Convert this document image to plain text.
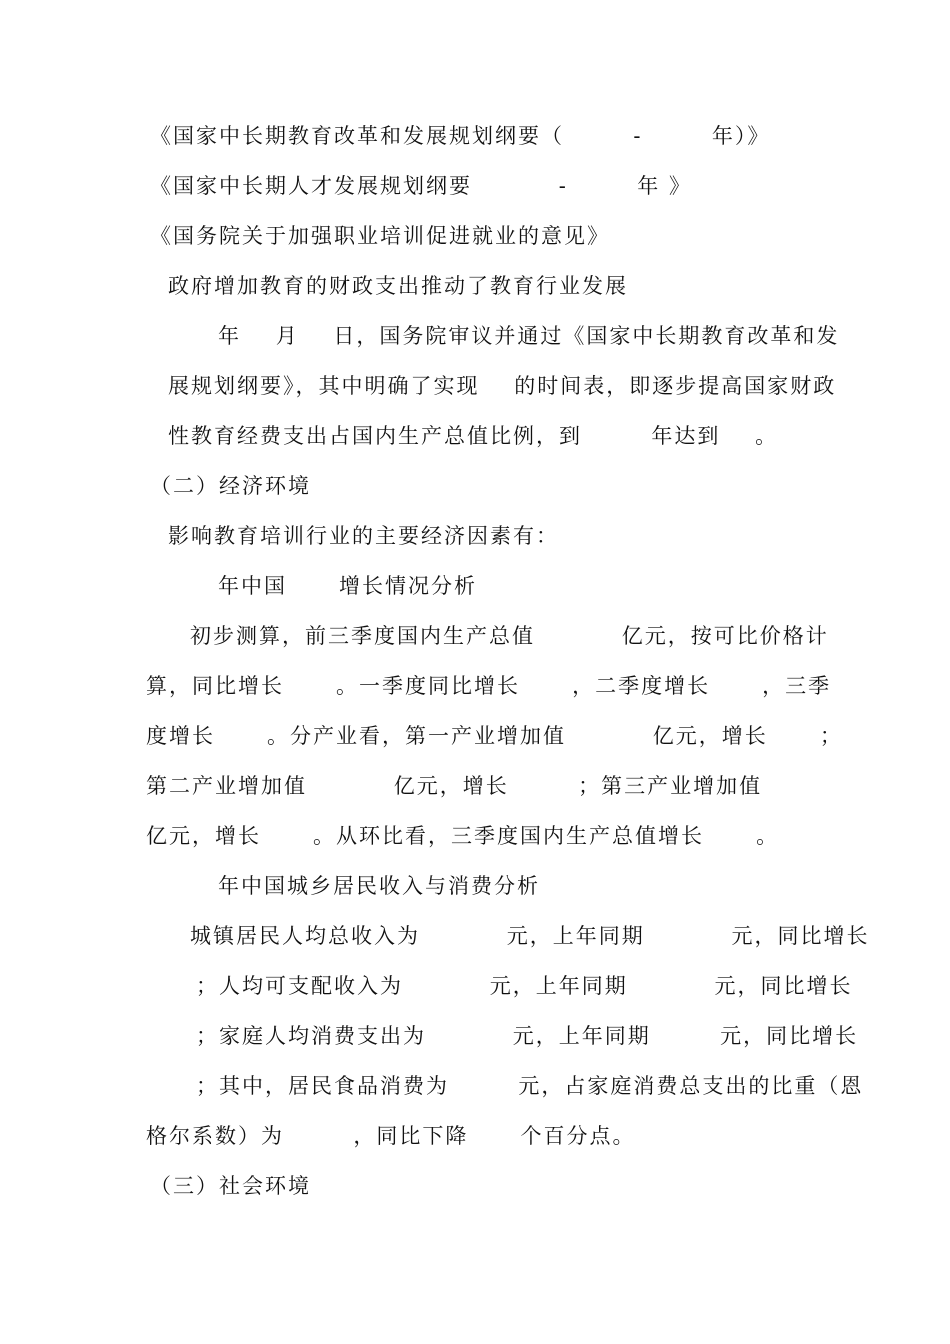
《国家中长期教育改革和发展规划纲要（        -        年）》
《国家中长期人才发展规划纲要          -        年 》
《国务院关于加强职业培训促进就业的意见》
政府增加教育的财政支出推动了教育行业发展
年    月    日，国务院审议并通过《国家中长期教育改革和发
展规划纲要》，其中明确了实现    的时间表，即逐步提高国家财政
性教育经费支出占国内生产总值比例，到        年达到    。
（二）经济环境
影响教育培训行业的主要经济因素有：
年中国      增长情况分析
初步测算，前三季度国内生产总值          亿元，按可比价格计
算，同比增长      。一季度同比增长      ，二季度增长      ，三季
度增长      。分产业看，第一产业增加值          亿元，增长      ；
第二产业增加值          亿元，增长        ；第三产业增加值
亿元，增长      。从环比看，三季度国内生产总值增长      。
年中国城乡居民收入与消费分析
城镇居民人均总收入为          元，上年同期          元，同比增长
；人均可支配收入为          元，上年同期          元，同比增长
；家庭人均消费支出为          元，上年同期        元，同比增长
；其中，居民食品消费为        元，占家庭消费总支出的比重（恩
格尔系数）为        ，同比下降      个百分点。
（三）社会环境
